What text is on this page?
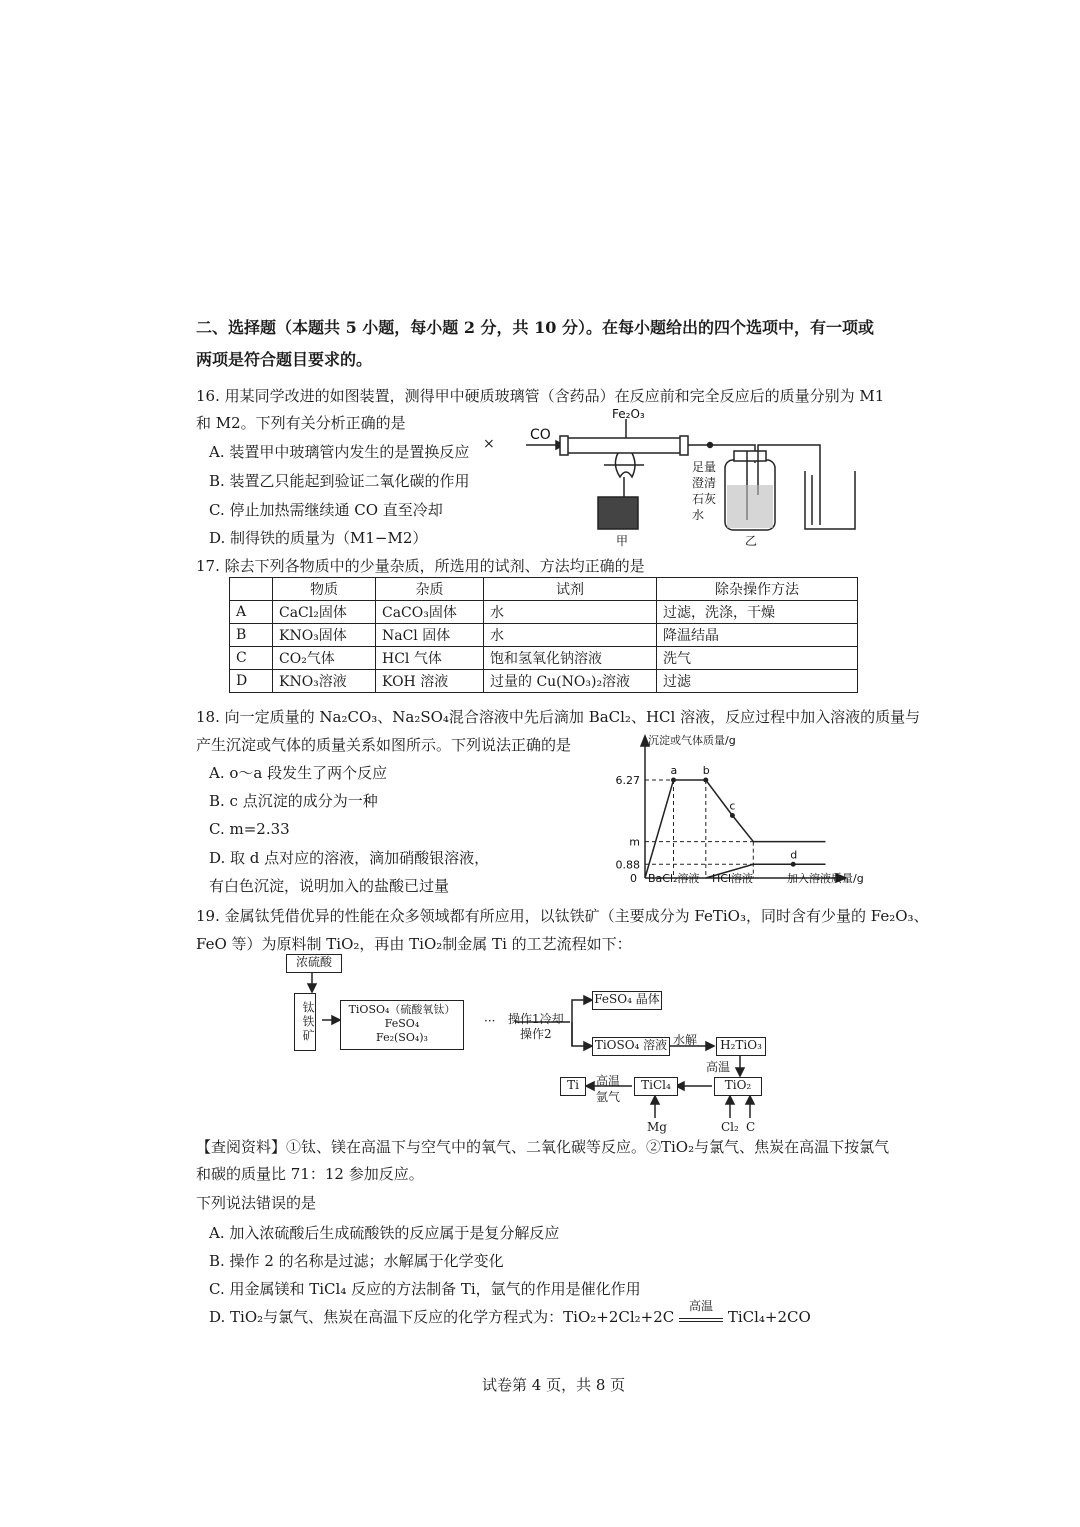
二、选择题（本题共 5 小题，每小题 2 分，共 10 分）。在每小题给出的四个选项中，有一项或
两项是符合题目要求的。
16. 用某同学改进的如图装置，测得甲中硬质玻璃管（含药品）在反应前和完全反应后的质量分别为 M1
和 M2。下列有关分析正确的是
A. 装置甲中玻璃管内发生的是置换反应 ×
B. 装置乙只能起到验证二氧化碳的作用
C. 停止加热需继续通 CO 直至冷却
D. 制得铁的质量为（M1−M2）
CO
Fe₂O₃
足量
澄清
石灰
水
甲	乙
17. 除去下列各物质中的少量杂质，所选用的试剂、方法均正确的是
	物质	杂质	试剂	除杂操作方法
A	CaCl₂固体	CaCO₃固体	水	过滤，洗涤，干燥
B	KNO₃固体	NaCl 固体	水	降温结晶
C	CO₂气体	HCl 气体	饱和氢氧化钠溶液	洗气
D	KNO₃溶液	KOH 溶液	过量的 Cu(NO₃)₂溶液	过滤
18. 向一定质量的 Na₂CO₃、Na₂SO₄混合溶液中先后滴加 BaCl₂、HCl 溶液，反应过程中加入溶液的质量与
产生沉淀或气体的质量关系如图所示。下列说法正确的是
A. o～a 段发生了两个反应
B. c 点沉淀的成分为一种
C. m=2.33
D. 取 d 点对应的溶液，滴加硝酸银溶液，
有白色沉淀，说明加入的盐酸已过量
a b
c
d
沉淀或气体质量/g
6.27
m
0.88
0 BaCl₂溶液 HCl溶液	加入溶液质量/g
19. 金属钛凭借优异的性能在众多领域都有所应用，以钛铁矿（主要成分为 FeTiO₃，同时含有少量的 Fe₂O₃、
FeO 等）为原料制 TiO₂，再由 TiO₂制金属 Ti 的工艺流程如下：
浓硫酸
钛铁矿	TiOSO₄（硫酸氧钛）
FeSO₄
Fe₂(SO₄)₃
··· 操作1冷却
操作2
FeSO₄ 晶体
TiOSO₄ 溶液 水解	H₂TiO₃
高温
TiO₂
TiCl₄
Ti	高温
氩气
Mg	Cl₂ C
【查阅资料】①钛、镁在高温下与空气中的氧气、二氧化碳等反应。②TiO₂与氯气、焦炭在高温下按氯气
和碳的质量比 71：12 参加反应。
下列说法错误的是
A. 加入浓硫酸后生成硫酸铁的反应属于是复分解反应
B. 操作 2 的名称是过滤；水解属于化学变化
C. 用金属镁和 TiCl₄ 反应的方法制备 Ti，氩气的作用是催化作用
D. TiO₂与氯气、焦炭在高温下反应的化学方程式为：TiO₂+2Cl₂+2C
高温
TiCl₄+2CO
试卷第 4 页，共 8 页
